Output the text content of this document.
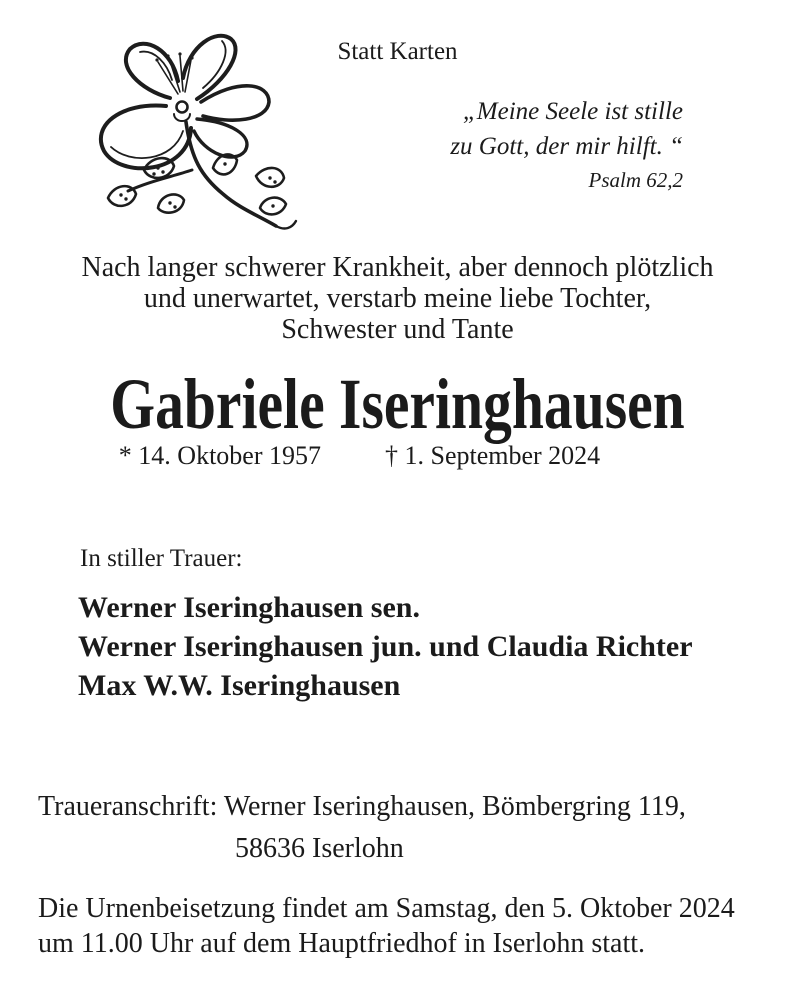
Statt Karten
„Meine Seele ist stille
zu Gott, der mir hilft. “
Psalm 62,2
Nach langer schwerer Krankheit, aber dennoch plötzlich
und unerwartet, verstarb meine liebe Tochter,
Schwester und Tante
Gabriele Iseringhausen
* 14. Oktober 1957 † 1. September 2024
In stiller Trauer:
Werner Iseringhausen sen.
Werner Iseringhausen jun. und Claudia Richter
Max W.W. Iseringhausen
Traueranschrift: Werner Iseringhausen, Bömbergring 119,
58636 Iserlohn
Die Urnenbeisetzung findet am Samstag, den 5. Oktober 2024
um 11.00 Uhr auf dem Hauptfriedhof in Iserlohn statt.
